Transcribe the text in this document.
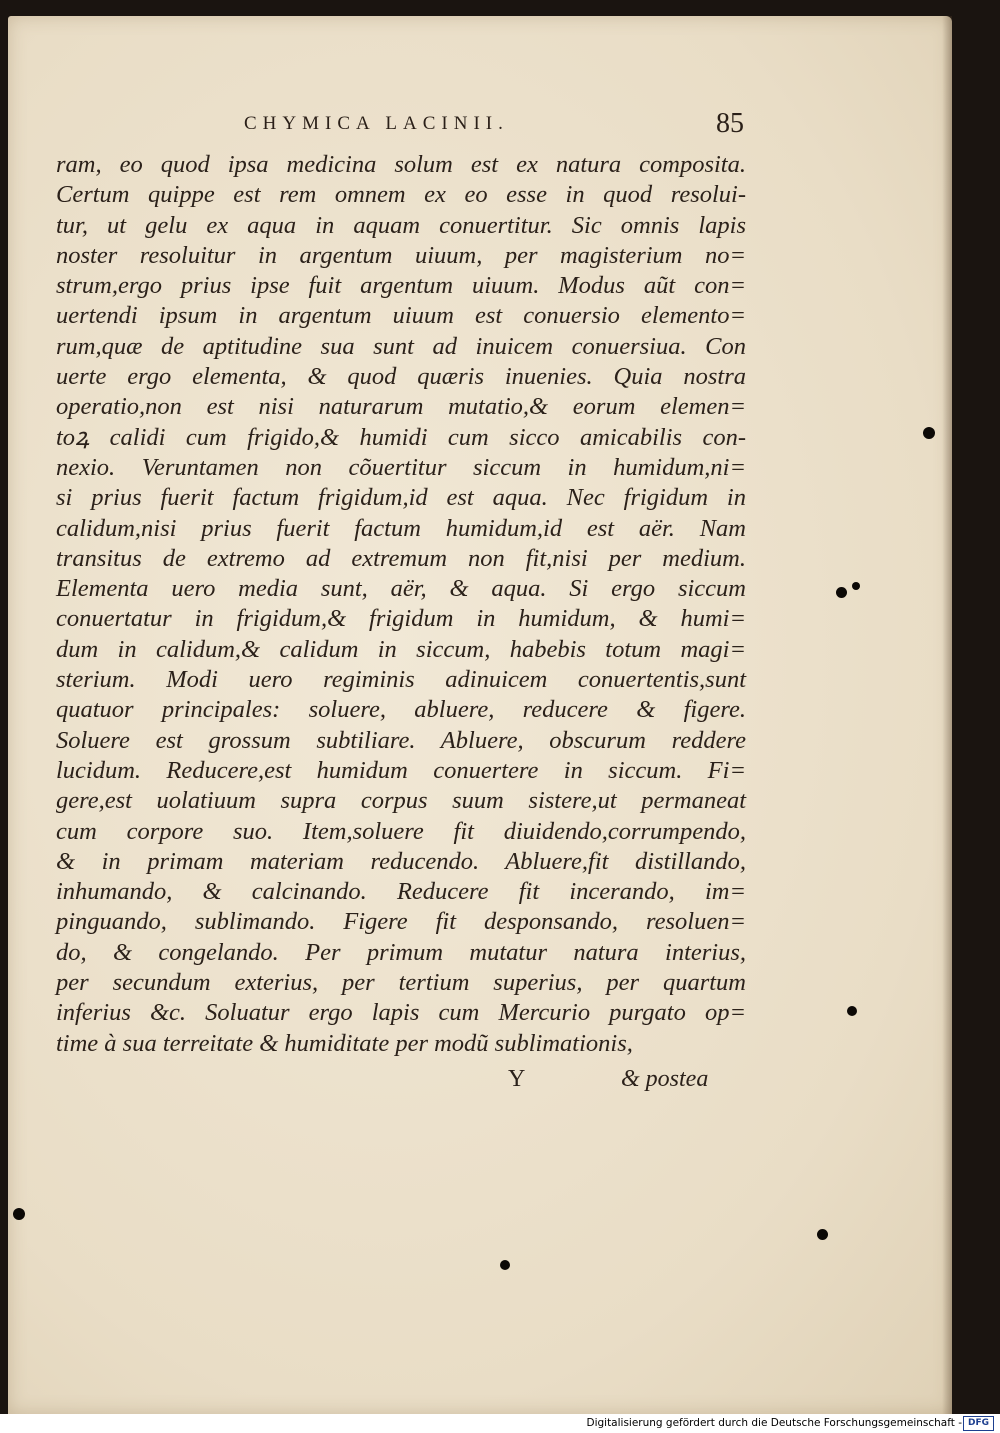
CHYMICA LACINII.	85
ram, eo quod ipsa medicina solum est ex natura composita.
Certum quippe est rem omnem ex eo esse in quod resolui-
tur, ut gelu ex aqua in aquam conuertitur. Sic omnis lapis
noster resoluitur in argentum uiuum, per magisterium no=
strum,ergo prius ipse fuit argentum uiuum. Modus aũt con=
uertendi ipsum in argentum uiuum est conuersio elemento=
rum,quæ de aptitudine sua sunt ad inuicem conuersiua. Con
uerte ergo elementa, & quod quæris inuenies. Quia nostra
operatio,non est nisi naturarum mutatio,& eorum elemen=
toꝝ calidi cum frigido,& humidi cum sicco amicabilis con-
nexio. Veruntamen non cõuertitur siccum in humidum,ni=
si prius fuerit factum frigidum,id est aqua. Nec frigidum in
calidum,nisi prius fuerit factum humidum,id est aër. Nam
transitus de extremo ad extremum non fit,nisi per medium.
Elementa uero media sunt, aër, & aqua. Si ergo siccum
conuertatur in frigidum,& frigidum in humidum, & humi=
dum in calidum,& calidum in siccum, habebis totum magi=
sterium. Modi uero regiminis adinuicem conuertentis,sunt
quatuor principales: soluere, abluere, reducere & figere.
Soluere est grossum subtiliare. Abluere, obscurum reddere
lucidum. Reducere,est humidum conuertere in siccum. Fi=
gere,est uolatiuum supra corpus suum sistere,ut permaneat
cum corpore suo. Item,soluere fit diuidendo,corrumpendo,
& in primam materiam reducendo. Abluere,fit distillando,
inhumando, & calcinando. Reducere fit incerando, im=
pinguando, sublimando. Figere fit desponsando, resoluen=
do, & congelando. Per primum mutatur natura interius,
per secundum exterius, per tertium superius, per quartum
inferius &c. Soluatur ergo lapis cum Mercurio purgato op=
time à sua terreitate & humiditate per modũ sublimationis,
Y	& postea
Digitalisierung gefördert durch die Deutsche Forschungsgemeinschaft - DFG
